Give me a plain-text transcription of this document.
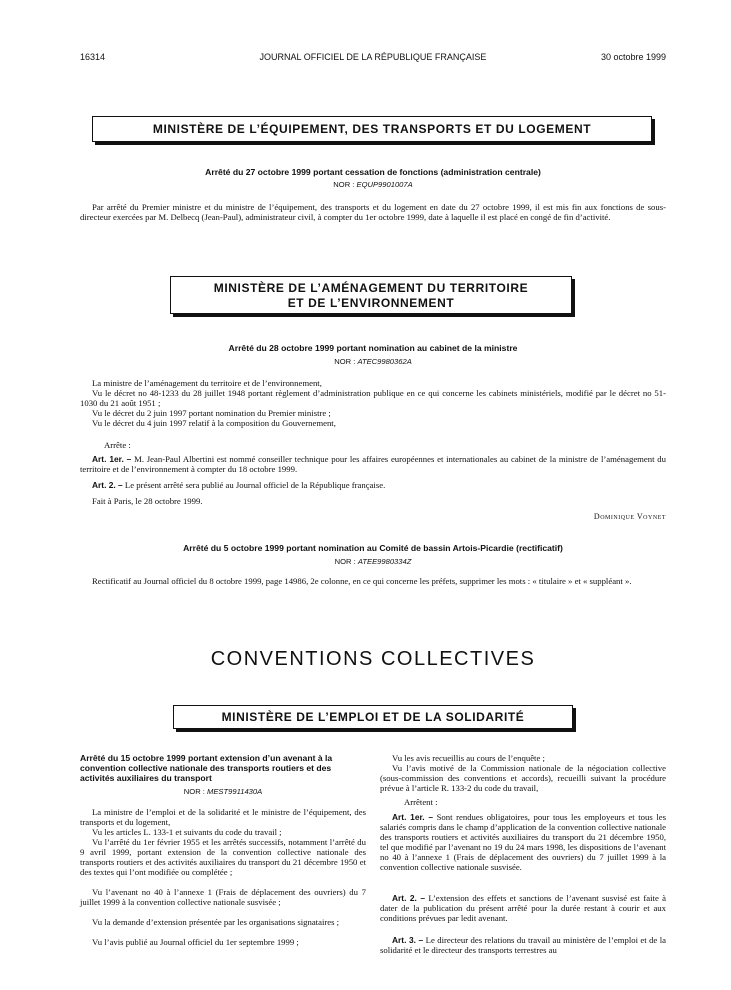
16314	JOURNAL OFFICIEL DE LA RÉPUBLIQUE FRANÇAISE	30 octobre 1999
MINISTÈRE DE L’ÉQUIPEMENT, DES TRANSPORTS ET DU LOGEMENT
Arrêté du 27 octobre 1999 portant cessation de fonctions (administration centrale)
NOR : EQUP9901007A

Par arrêté du Premier ministre et du ministre de l’équipement, des transports et du logement en date du 27 octobre 1999, il est mis fin aux fonctions de sous-directeur exercées par M. Delbecq (Jean-Paul), administrateur civil, à compter du 1er octobre 1999, date à laquelle il est placé en congé de fin d’activité.

MINISTÈRE DE L’AMÉNAGEMENT DU TERRITOIRE
ET DE L’ENVIRONNEMENT
Arrêté du 28 octobre 1999 portant nomination au cabinet de la ministre
NOR : ATEC9980362A

La ministre de l’aménagement du territoire et de l’environnement,

Vu le décret no 48-1233 du 28 juillet 1948 portant règlement d’administration publique en ce qui concerne les cabinets ministériels, modifié par le décret no 51-1030 du 21 août 1951 ;

Vu le décret du 2 juin 1997 portant nomination du Premier ministre ;

Vu le décret du 4 juin 1997 relatif à la composition du Gouvernement,

Arrête :

Art. 1er. – M. Jean-Paul Albertini est nommé conseiller technique pour les affaires européennes et internationales au cabinet de la ministre de l’aménagement du territoire et de l’environnement à compter du 18 octobre 1999.

Art. 2. – Le présent arrêté sera publié au Journal officiel de la République française.

Fait à Paris, le 28 octobre 1999.

Dominique Voynet
Arrêté du 5 octobre 1999 portant nomination au Comité de bassin Artois-Picardie (rectificatif)
NOR : ATEE9980334Z

Rectificatif au Journal officiel du 8 octobre 1999, page 14986, 2e colonne, en ce qui concerne les préfets, supprimer les mots : « titulaire » et « suppléant ».

CONVENTIONS COLLECTIVES
MINISTÈRE DE L’EMPLOI ET DE LA SOLIDARITÉ
Arrêté du 15 octobre 1999 portant extension d’un avenant à la convention collective nationale des transports routiers et des activités auxiliaires du transport
NOR : MEST9911430A

La ministre de l’emploi et de la solidarité et le ministre de l’équipement, des transports et du logement,

Vu les articles L. 133-1 et suivants du code du travail ;

Vu l’arrêté du 1er février 1955 et les arrêtés successifs, notamment l’arrêté du 9 avril 1999, portant extension de la convention collective nationale des transports routiers et des activités auxiliaires du transport du 21 décembre 1950 et des textes qui l’ont modifiée ou complétée ;

Vu l’avenant no 40 à l’annexe 1 (Frais de déplacement des ouvriers) du 7 juillet 1999 à la convention collective nationale susvisée ;

Vu la demande d’extension présentée par les organisations signataires ;

Vu l’avis publié au Journal officiel du 1er septembre 1999 ;

Vu les avis recueillis au cours de l’enquête ;

Vu l’avis motivé de la Commission nationale de la négociation collective (sous-commission des conventions et accords), recueilli suivant la procédure prévue à l’article R. 133-2 du code du travail,

Arrêtent :

Art. 1er. – Sont rendues obligatoires, pour tous les employeurs et tous les salariés compris dans le champ d’application de la convention collective nationale des transports routiers et activités auxiliaires du transport du 21 décembre 1950, tel que modifié par l’avenant no 19 du 24 mars 1998, les dispositions de l’avenant no 40 à l’annexe 1 (Frais de déplacement des ouvriers) du 7 juillet 1999 à la convention collective nationale susvisée.

Art. 2. – L’extension des effets et sanctions de l’avenant susvisé est faite à dater de la publication du présent arrêté pour la durée restant à courir et aux conditions prévues par ledit avenant.

Art. 3. – Le directeur des relations du travail au ministère de l’emploi et de la solidarité et le directeur des transports terrestres au
